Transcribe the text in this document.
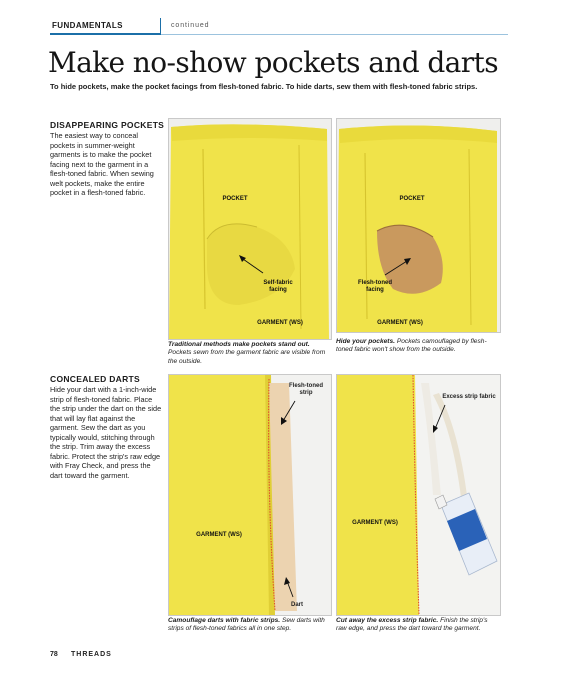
FUNDAMENTALS	continued
Make no-show pockets and darts
To hide pockets, make the pocket facings from flesh-toned fabric. To hide darts, sew them with flesh-toned fabric strips.
DISAPPEARING POCKETS
The easiest way to conceal pockets in summer-weight garments is to make the pocket facing next to the garment in a flesh-toned fabric. When sewing welt pockets, make the entire pocket in a flesh-toned fabric.
CONCEALED DARTS
Hide your dart with a 1-inch-wide strip of flesh-toned fabric. Place the strip under the dart on the side that will lay flat against the garment. Sew the dart as you typically would, stitching through the strip. Trim away the excess fabric. Protect the strip's raw edge with Fray Check, and press the dart toward the garment.
POCKET
Self-fabric facing
GARMENT (WS)
Traditional methods make pockets stand out. Pockets sewn from the garment fabric are visible from the outside.
POCKET
Flesh-toned facing
GARMENT (WS)
Hide your pockets. Pockets camouflaged by flesh-toned fabric won't show from the outside.
Flesh-toned strip
GARMENT (WS)
Dart
Camouflage darts with fabric strips. Sew darts with strips of flesh-toned fabrics all in one step.
Excess strip fabric
GARMENT (WS)
Cut away the excess strip fabric. Finish the strip's raw edge, and press the dart toward the garment.
78 THREADS
